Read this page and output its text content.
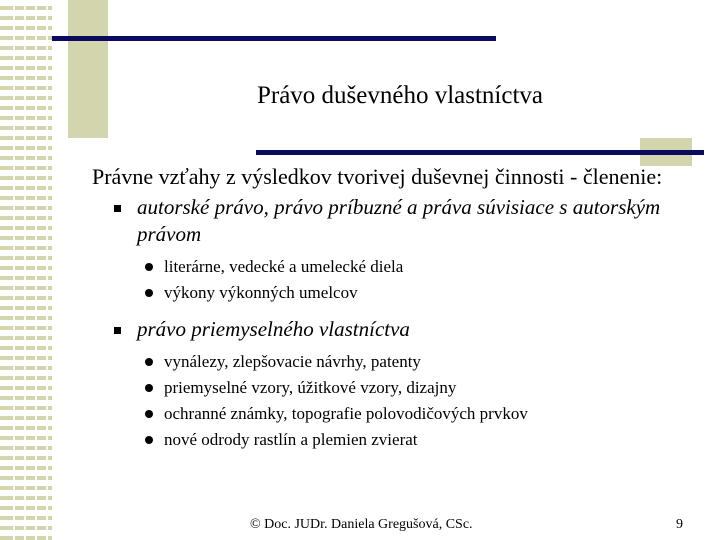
Právo duševného vlastníctva
Právne vzťahy z výsledkov tvorivej duševnej činnosti - členenie:
autorské právo, právo príbuzné a práva súvisiace s autorským právom
literárne, vedecké a umelecké diela
výkony výkonných umelcov
právo priemyselného vlastníctva
vynálezy, zlepšovacie návrhy, patenty
priemyselné vzory, úžitkové vzory, dizajny
ochranné známky, topografie polovodičových prvkov
nové odrody rastlín a plemien zvierat
© Doc. JUDr. Daniela Gregušová, CSc.	9
